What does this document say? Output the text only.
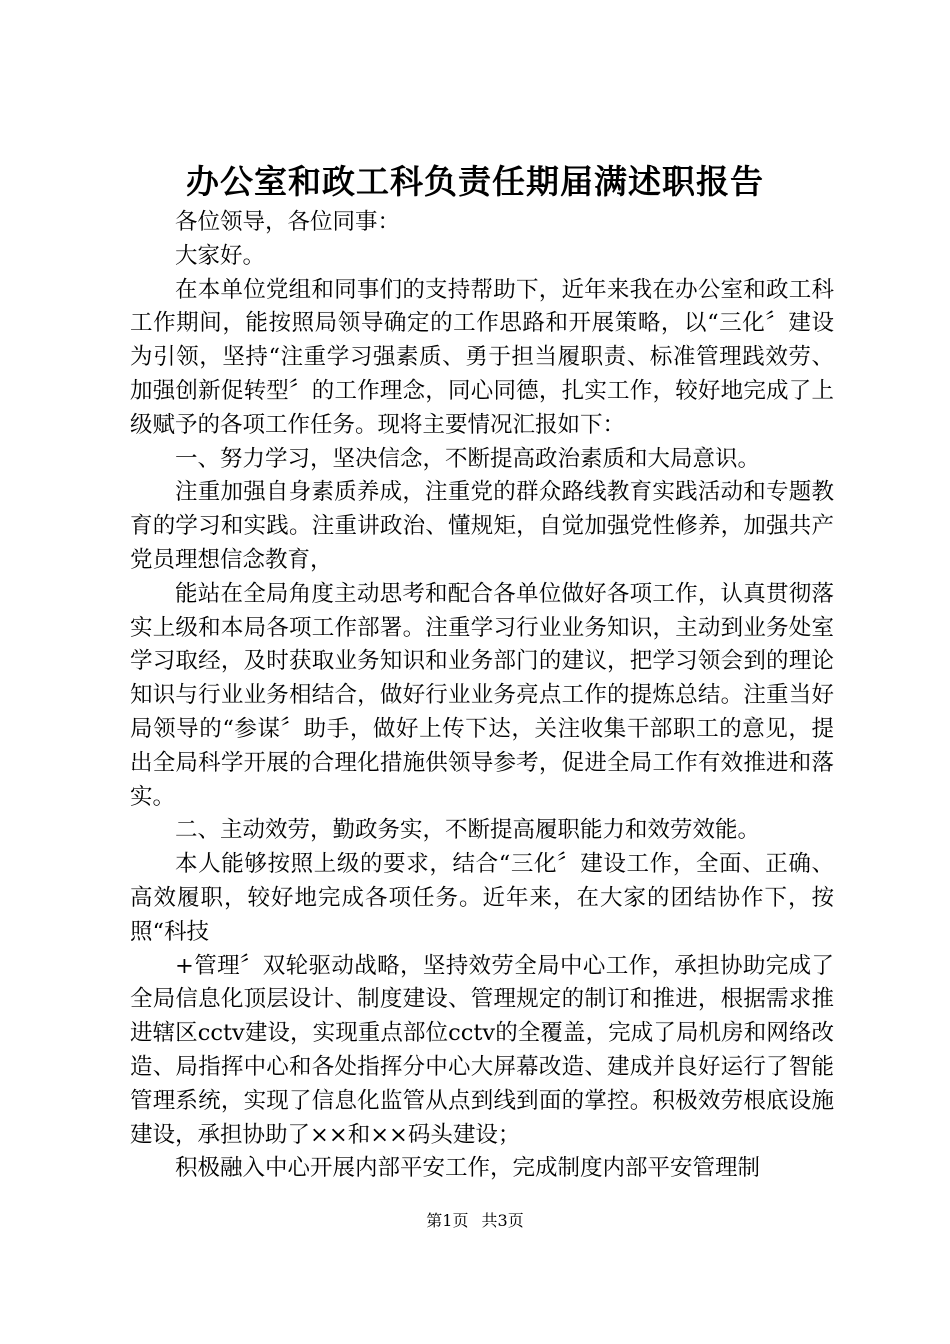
办公室和政工科负责任期届满述职报告

各位领导，各位同事：

大家好。

在本单位党组和同事们的支持帮助下，近年来我在办公室和政工科工作期间，能按照局领导确定的工作思路和开展策略，以“三化〞建设为引领，坚持“注重学习强素质、勇于担当履职责、标准管理践效劳、加强创新促转型〞的工作理念，同心同德，扎实工作，较好地完成了上级赋予的各项工作任务。现将主要情况汇报如下：

一、努力学习，坚决信念，不断提高政治素质和大局意识。

注重加强自身素质养成，注重党的群众路线教育实践活动和专题教育的学习和实践。注重讲政治、懂规矩，自觉加强党性修养，加强共产党员理想信念教育，

能站在全局角度主动思考和配合各单位做好各项工作，认真贯彻落实上级和本局各项工作部署。注重学习行业业务知识，主动到业务处室学习取经，及时获取业务知识和业务部门的建议，把学习领会到的理论知识与行业业务相结合，做好行业业务亮点工作的提炼总结。注重当好局领导的“参谋〞助手，做好上传下达，关注收集干部职工的意见，提出全局科学开展的合理化措施供领导参考，促进全局工作有效推进和落实。

二、主动效劳，勤政务实，不断提高履职能力和效劳效能。

本人能够按照上级的要求，结合“三化〞建设工作，全面、正确、高效履职，较好地完成各项任务。近年来，在大家的团结协作下，按照“科技

+管理〞双轮驱动战略，坚持效劳全局中心工作，承担协助完成了全局信息化顶层设计、制度建设、管理规定的制订和推进，根据需求推进辖区cctv建设，实现重点部位cctv的全覆盖，完成了局机房和网络改造、局指挥中心和各处指挥分中心大屏幕改造、建成并良好运行了智能管理系统，实现了信息化监管从点到线到面的掌控。积极效劳根底设施建设，承担协助了××和××码头建设；

积极融入中心开展内部平安工作，完成制度内部平安管理制

第1页 共3页
